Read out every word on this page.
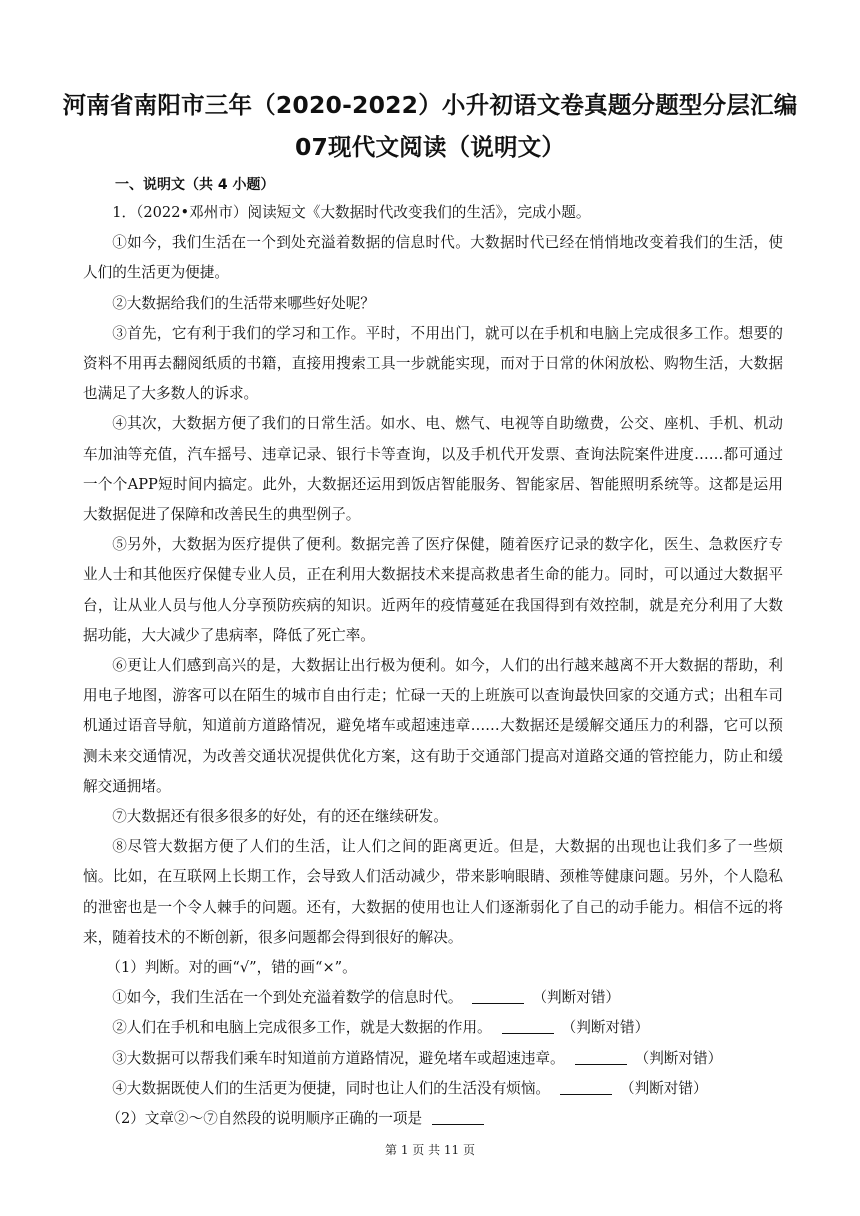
河南省南阳市三年（2020-2022）小升初语文卷真题分题型分层汇编
07现代文阅读（说明文）
一、说明文（共 4 小题）

1．（2022•邓州市）阅读短文《大数据时代改变我们的生活》，完成小题。

①如今，我们生活在一个到处充溢着数据的信息时代。大数据时代已经在悄悄地改变着我们的生活，使人们的生活更为便捷。

②大数据给我们的生活带来哪些好处呢？

③首先，它有利于我们的学习和工作。平时，不用出门，就可以在手机和电脑上完成很多工作。想要的资料不用再去翻阅纸质的书籍，直接用搜索工具一步就能实现，而对于日常的休闲放松、购物生活，大数据也满足了大多数人的诉求。

④其次，大数据方便了我们的日常生活。如水、电、燃气、电视等自助缴费，公交、座机、手机、机动车加油等充值，汽车摇号、违章记录、银行卡等查询，以及手机代开发票、查询法院案件进度……都可通过一个个APP短时间内搞定。此外，大数据还运用到饭店智能服务、智能家居、智能照明系统等。这都是运用大数据促进了保障和改善民生的典型例子。

⑤另外，大数据为医疗提供了便利。数据完善了医疗保健，随着医疗记录的数字化，医生、急救医疗专业人士和其他医疗保健专业人员，正在利用大数据技术来提高救患者生命的能力。同时，可以通过大数据平台，让从业人员与他人分享预防疾病的知识。近两年的疫情蔓延在我国得到有效控制，就是充分利用了大数据功能，大大减少了患病率，降低了死亡率。

⑥更让人们感到高兴的是，大数据让出行极为便利。如今，人们的出行越来越离不开大数据的帮助，利用电子地图，游客可以在陌生的城市自由行走；忙碌一天的上班族可以查询最快回家的交通方式；出租车司机通过语音导航，知道前方道路情况，避免堵车或超速违章……大数据还是缓解交通压力的利器，它可以预测未来交通情况，为改善交通状况提供优化方案，这有助于交通部门提高对道路交通的管控能力，防止和缓解交通拥堵。

⑦大数据还有很多很多的好处，有的还在继续研发。

⑧尽管大数据方便了人们的生活，让人们之间的距离更近。但是，大数据的出现也让我们多了一些烦恼。比如，在互联网上长期工作，会导致人们活动减少，带来影响眼睛、颈椎等健康问题。另外，个人隐私的泄密也是一个令人棘手的问题。还有，大数据的使用也让人们逐渐弱化了自己的动手能力。相信不远的将来，随着技术的不断创新，很多问题都会得到很好的解决。

（1）判断。对的画“√”，错的画“×”。

①如今，我们生活在一个到处充溢着数学的信息时代。	（判断对错）

②人们在手机和电脑上完成很多工作，就是大数据的作用。	（判断对错）

③大数据可以帮我们乘车时知道前方道路情况，避免堵车或超速违章。	（判断对错）

④大数据既使人们的生活更为便捷，同时也让人们的生活没有烦恼。	（判断对错）

（2）文章②～⑦自然段的说明顺序正确的一项是

第 1 页 共 11 页
